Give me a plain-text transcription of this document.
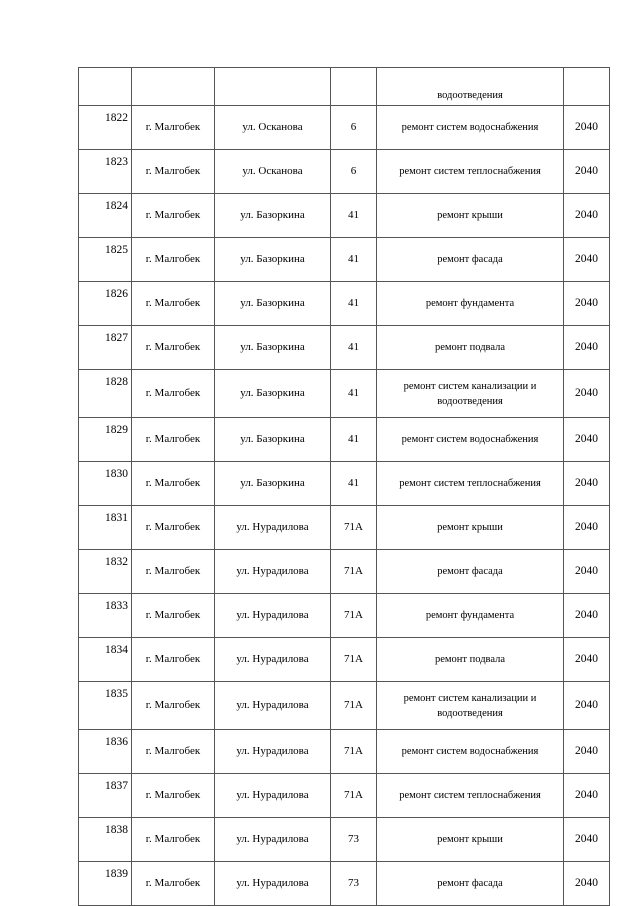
				водоотведения	
1822	г. Малгобек	ул. Осканова	6	ремонт систем водоснабжения	2040
1823	г. Малгобек	ул. Осканова	6	ремонт систем теплоснабжения	2040
1824	г. Малгобек	ул. Базоркина	41	ремонт крыши	2040
1825	г. Малгобек	ул. Базоркина	41	ремонт фасада	2040
1826	г. Малгобек	ул. Базоркина	41	ремонт фундамента	2040
1827	г. Малгобек	ул. Базоркина	41	ремонт подвала	2040
1828	г. Малгобек	ул. Базоркина	41	ремонт систем канализации и водоотведения	2040
1829	г. Малгобек	ул. Базоркина	41	ремонт систем водоснабжения	2040
1830	г. Малгобек	ул. Базоркина	41	ремонт систем теплоснабжения	2040
1831	г. Малгобек	ул. Нурадилова	71А	ремонт крыши	2040
1832	г. Малгобек	ул. Нурадилова	71А	ремонт фасада	2040
1833	г. Малгобек	ул. Нурадилова	71А	ремонт фундамента	2040
1834	г. Малгобек	ул. Нурадилова	71А	ремонт подвала	2040
1835	г. Малгобек	ул. Нурадилова	71А	ремонт систем канализации и водоотведения	2040
1836	г. Малгобек	ул. Нурадилова	71А	ремонт систем водоснабжения	2040
1837	г. Малгобек	ул. Нурадилова	71А	ремонт систем теплоснабжения	2040
1838	г. Малгобек	ул. Нурадилова	73	ремонт крыши	2040
1839	г. Малгобек	ул. Нурадилова	73	ремонт фасада	2040
